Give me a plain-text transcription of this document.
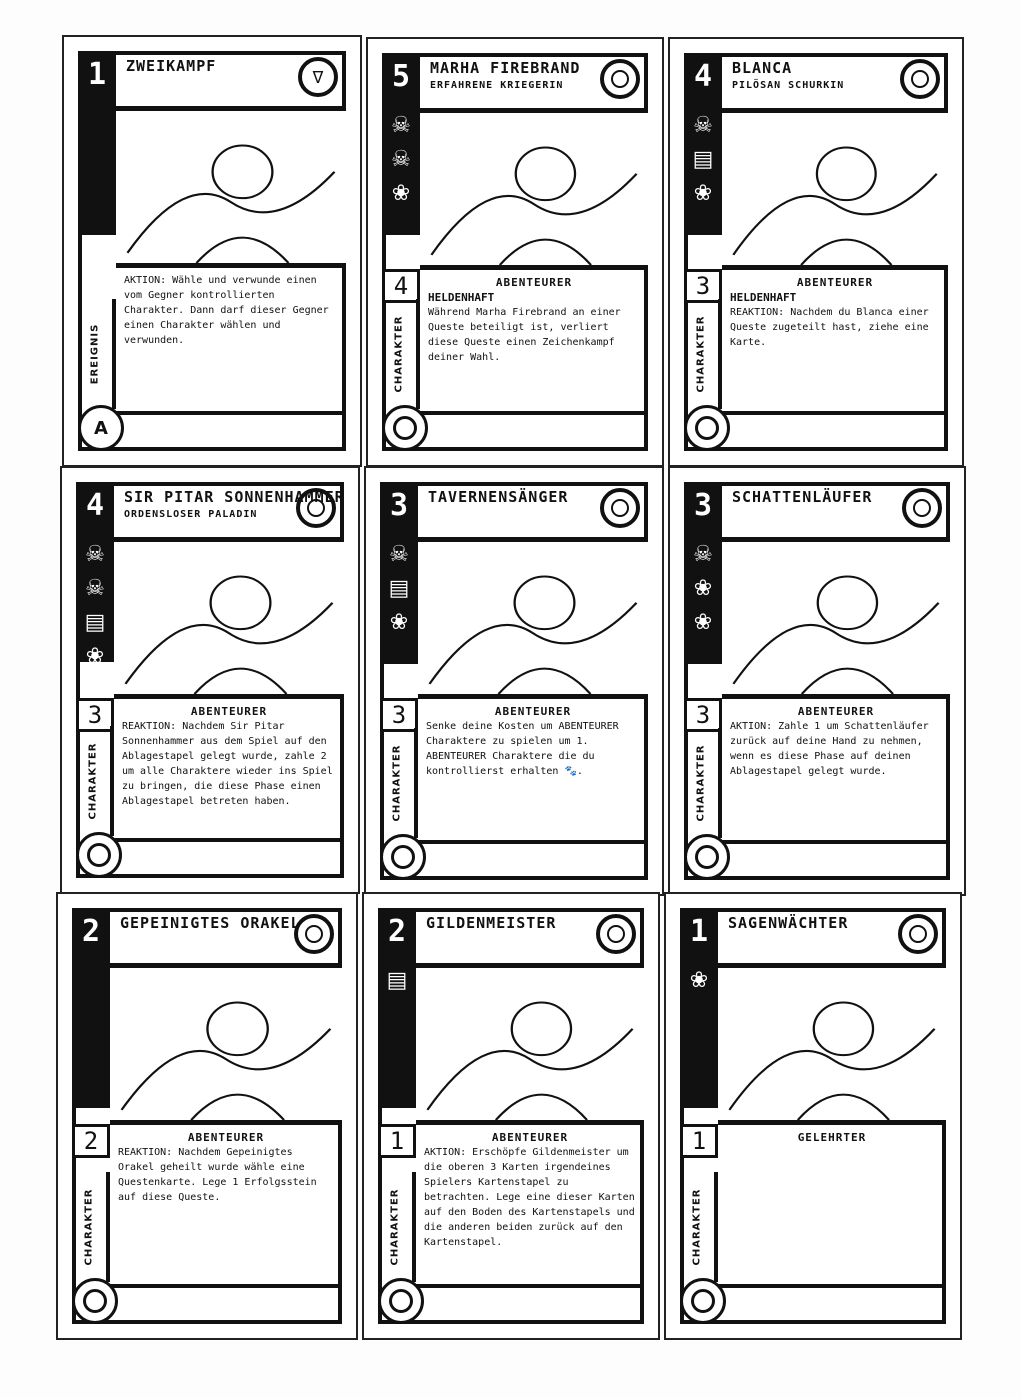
1	ZWEIKAMPF
ᐁ
EREIGNIS
AKTION: Wähle und verwunde einen vom Gegner kontrollierten Charakter. Dann darf dieser Gegner einen Charakter wählen und verwunden.
A
5
☠
☠
❀
MARHA FIREBRAND
ERFAHRENE KRIEGERIN
4
CHARAKTER
ABENTEURER
HELDENHAFT
Während Marha Firebrand an einer Queste beteiligt ist, verliert diese Queste einen Zeichenkampf deiner Wahl.
4
☠
▤
❀
BLANCA
PILÖSAN SCHURKIN
3
CHARAKTER
ABENTEURER
HELDENHAFT
REAKTION: Nachdem du Blanca einer Queste zugeteilt hast, ziehe eine Karte.
4
☠
☠
▤
❀
SIR PITAR SONNENHAMMER
ORDENSLOSER PALADIN
3
CHARAKTER
ABENTEURER
REAKTION: Nachdem Sir Pitar Sonnenhammer aus dem Spiel auf den Ablagestapel gelegt wurde, zahle 2 um alle Charaktere wieder ins Spiel zu bringen, die diese Phase einen Ablagestapel betreten haben.
3
☠
▤
❀
TAVERNENSÄNGER
3
CHARAKTER
ABENTEURER
Senke deine Kosten um ABENTEURER Charaktere zu spielen um 1. ABENTEURER Charaktere die du kontrollierst erhalten 🐾.
3
☠
❀
❀
SCHATTENLÄUFER
3
CHARAKTER
ABENTEURER
AKTION: Zahle 1 um Schattenläufer zurück auf deine Hand zu nehmen, wenn es diese Phase auf deinen Ablagestapel gelegt wurde.
2	GEPEINIGTES ORAKEL
2
CHARAKTER
ABENTEURER
REAKTION: Nachdem Gepeinigtes Orakel geheilt wurde wähle eine Questenkarte. Lege 1 Erfolgsstein auf diese Queste.
2
▤
GILDENMEISTER
1
CHARAKTER
ABENTEURER
AKTION: Erschöpfe Gildenmeister um die oberen 3 Karten irgendeines Spielers Kartenstapel zu betrachten. Lege eine dieser Karten auf den Boden des Kartenstapels und die anderen beiden zurück auf den Kartenstapel.
1
❀
SAGENWÄCHTER
1
CHARAKTER
GELEHRTER
